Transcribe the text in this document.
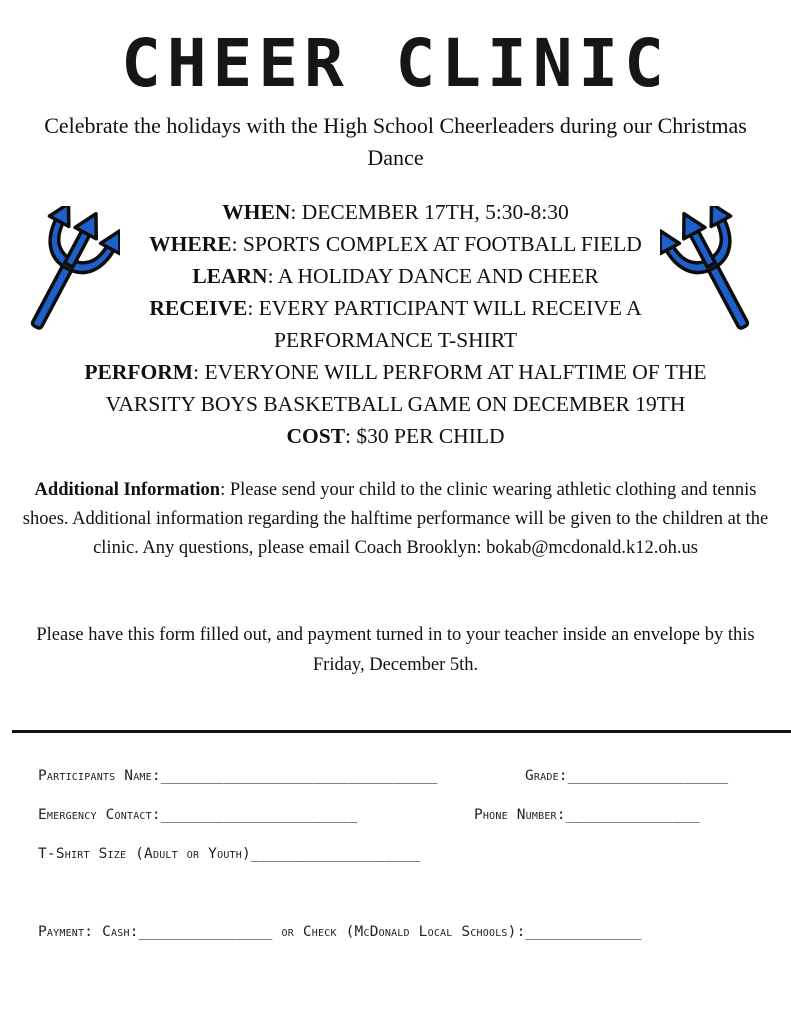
CHEER CLINIC
Celebrate the holidays with the High School Cheerleaders during our Christmas Dance
WHEN: DECEMBER 17TH, 5:30-8:30
WHERE: SPORTS COMPLEX AT FOOTBALL FIELD
LEARN: A HOLIDAY DANCE AND CHEER
RECEIVE: EVERY PARTICIPANT WILL RECEIVE A PERFORMANCE T-SHIRT
PERFORM: EVERYONE WILL PERFORM AT HALFTIME OF THE VARSITY BOYS BASKETBALL GAME ON DECEMBER 19TH
COST: $30 PER CHILD
Additional Information: Please send your child to the clinic wearing athletic clothing and tennis shoes. Additional information regarding the halftime performance will be given to the children at the clinic. Any questions, please email Coach Brooklyn: bokab@mcdonald.k12.oh.us
Please have this form filled out, and payment turned in to your teacher inside an envelope by this Friday, December 5th.
Participants Name:_______________________________	Grade:__________________
Emergency Contact:______________________	Phone Number:_______________
T-Shirt Size (Adult or Youth)___________________
Payment: Cash:_______________ or Check (McDonald Local Schools):_____________
